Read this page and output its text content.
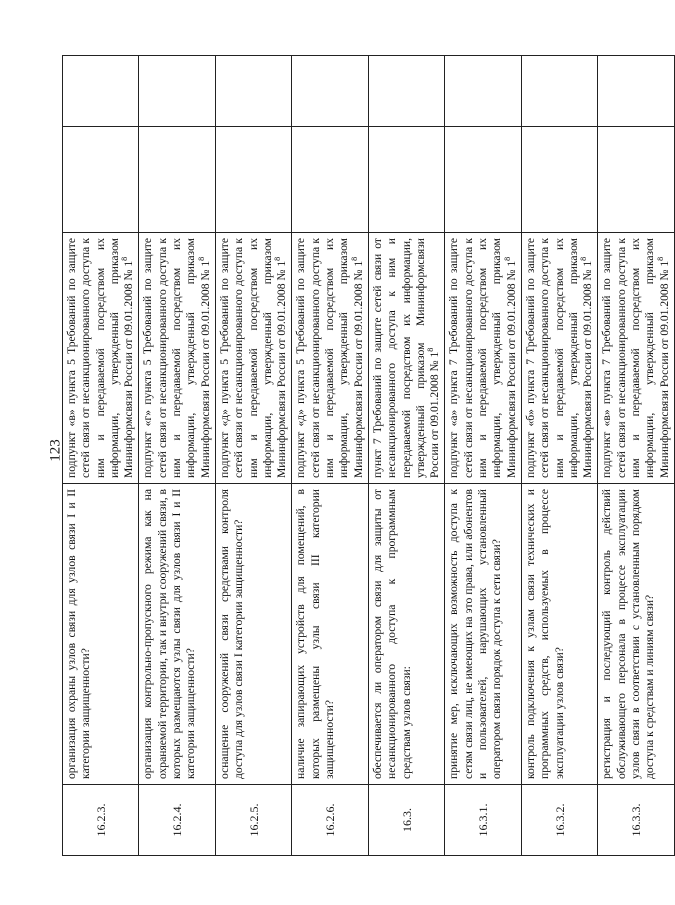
123
16.2.3.	организация охраны узлов связи для узлов связи I и II категории защищенности?	подпункт «в» пункта 5 Требований по защите сетей связи от несанкционированного доступа к ним и передаваемой посредством их информации, утвержденный приказом Мининформсвязи России от 09.01.2008 № 1$^8$		
16.2.4.	организация контрольно-пропускного режима как на охраняемой территории, так и внутри сооружений связи, в которых размещаются узлы связи для узлов связи I и II категории защищенности?	подпункт «г» пункта 5 Требований по защите сетей связи от несанкционированного доступа к ним и передаваемой посредством их информации, утвержденный приказом Мининформсвязи России от 09.01.2008 № 1$^8$		
16.2.5.	оснащение сооружений связи средствами контроля доступа для узлов связи I категории защищенности?	подпункт «д» пункта 5 Требований по защите сетей связи от несанкционированного доступа к ним и передаваемой посредством их информации, утвержденный приказом Мининформсвязи России от 09.01.2008 № 1$^8$		
16.2.6.	наличие запирающих устройств для помещений, в которых размещены узлы связи III категории защищенности?	подпункт «д» пункта 5 Требований по защите сетей связи от несанкционированного доступа к ним и передаваемой посредством их информации, утвержденный приказом Мининформсвязи России от 09.01.2008 № 1$^8$		
16.3.	обеспечивается ли оператором связи для защиты от несанкционированного доступа к программным средствам узлов связи:	пункт 7 Требований по защите сетей связи от несанкционированного доступа к ним и передаваемой посредством их информации, утвержденный приказом Мининформсвязи России от 09.01.2008 № 1$^8$		
16.3.1.	принятие мер, исключающих возможность доступа к сетям связи лиц, не имеющих на это права, или абонентов и пользователей, нарушающих установленный оператором связи порядок доступа к сети связи?	подпункт «а» пункта 7 Требований по защите сетей связи от несанкционированного доступа к ним и передаваемой посредством их информации, утвержденный приказом Мининформсвязи России от 09.01.2008 № 1$^8$		
16.3.2.	контроль подключения к узлам связи технических и программных средств, используемых в процессе эксплуатации узлов связи?	подпункт «б» пункта 7 Требований по защите сетей связи от несанкционированного доступа к ним и передаваемой посредством их информации, утвержденный приказом Мининформсвязи России от 09.01.2008 № 1$^8$		
16.3.3.	регистрация и последующий контроль действий обслуживающего персонала в процессе эксплуатации узлов связи в соответствии с установленным порядком доступа к средствам и линиям связи?	подпункт «в» пункта 7 Требований по защите сетей связи от несанкционированного доступа к ним и передаваемой посредством их информации, утвержденный приказом Мининформсвязи России от 09.01.2008 № 1$^8$		
